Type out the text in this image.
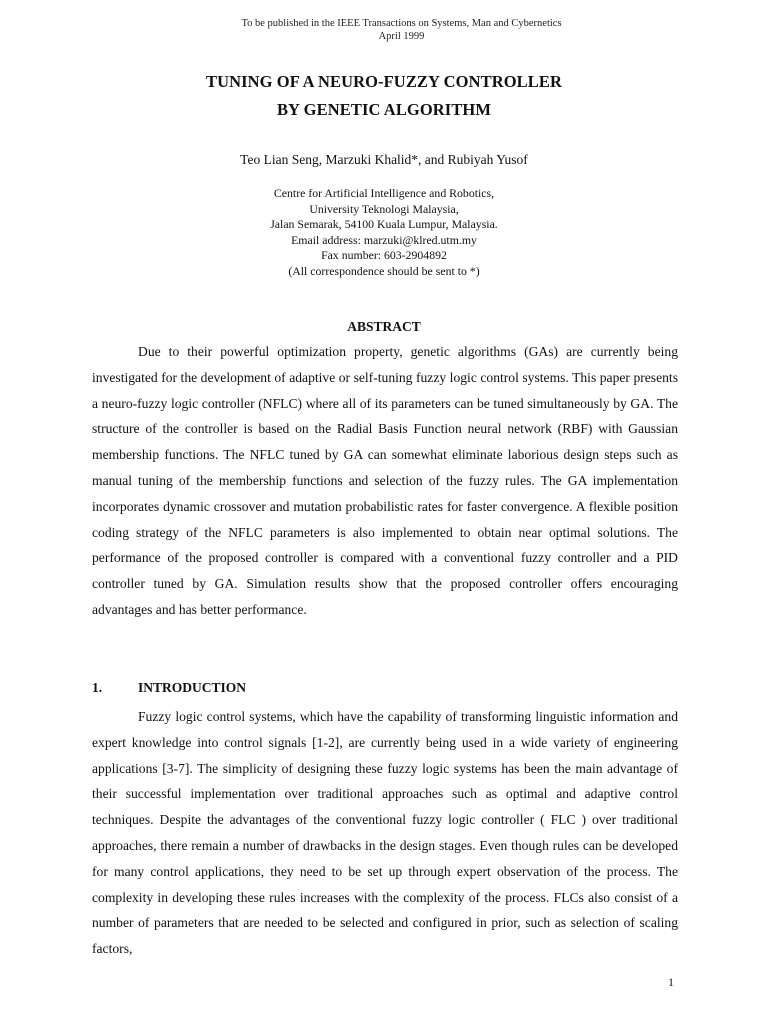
To be published in the IEEE Transactions on Systems, Man and Cybernetics
April 1999
TUNING OF A NEURO-FUZZY CONTROLLER
BY GENETIC ALGORITHM
Teo Lian Seng, Marzuki Khalid*, and Rubiyah Yusof
Centre for Artificial Intelligence and Robotics,
University Teknologi Malaysia,
Jalan Semarak, 54100 Kuala Lumpur, Malaysia.
Email address: marzuki@klred.utm.my
Fax number: 603-2904892
(All correspondence should be sent to *)
ABSTRACT

Due to their powerful optimization property, genetic algorithms (GAs) are currently being investigated for the development of adaptive or self-tuning fuzzy logic control systems. This paper presents a neuro-fuzzy logic controller (NFLC) where all of its parameters can be tuned simultaneously by GA. The structure of the controller is based on the Radial Basis Function neural network (RBF) with Gaussian membership functions. The NFLC tuned by GA can somewhat eliminate laborious design steps such as manual tuning of the membership functions and selection of the fuzzy rules. The GA implementation incorporates dynamic crossover and mutation probabilistic rates for faster convergence. A flexible position coding strategy of the NFLC parameters is also implemented to obtain near optimal solutions. The performance of the proposed controller is compared with a conventional fuzzy controller and a PID controller tuned by GA. Simulation results show that the proposed controller offers encouraging advantages and has better performance.

1.	INTRODUCTION

Fuzzy logic control systems, which have the capability of transforming linguistic information and expert knowledge into control signals [1-2], are currently being used in a wide variety of engineering applications [3-7]. The simplicity of designing these fuzzy logic systems has been the main advantage of their successful implementation over traditional approaches such as optimal and adaptive control techniques. Despite the advantages of the conventional fuzzy logic controller ( FLC ) over traditional approaches, there remain a number of drawbacks in the design stages. Even though rules can be developed for many control applications, they need to be set up through expert observation of the process. The complexity in developing these rules increases with the complexity of the process. FLCs also consist of a number of parameters that are needed to be selected and configured in prior, such as selection of scaling factors,

1
